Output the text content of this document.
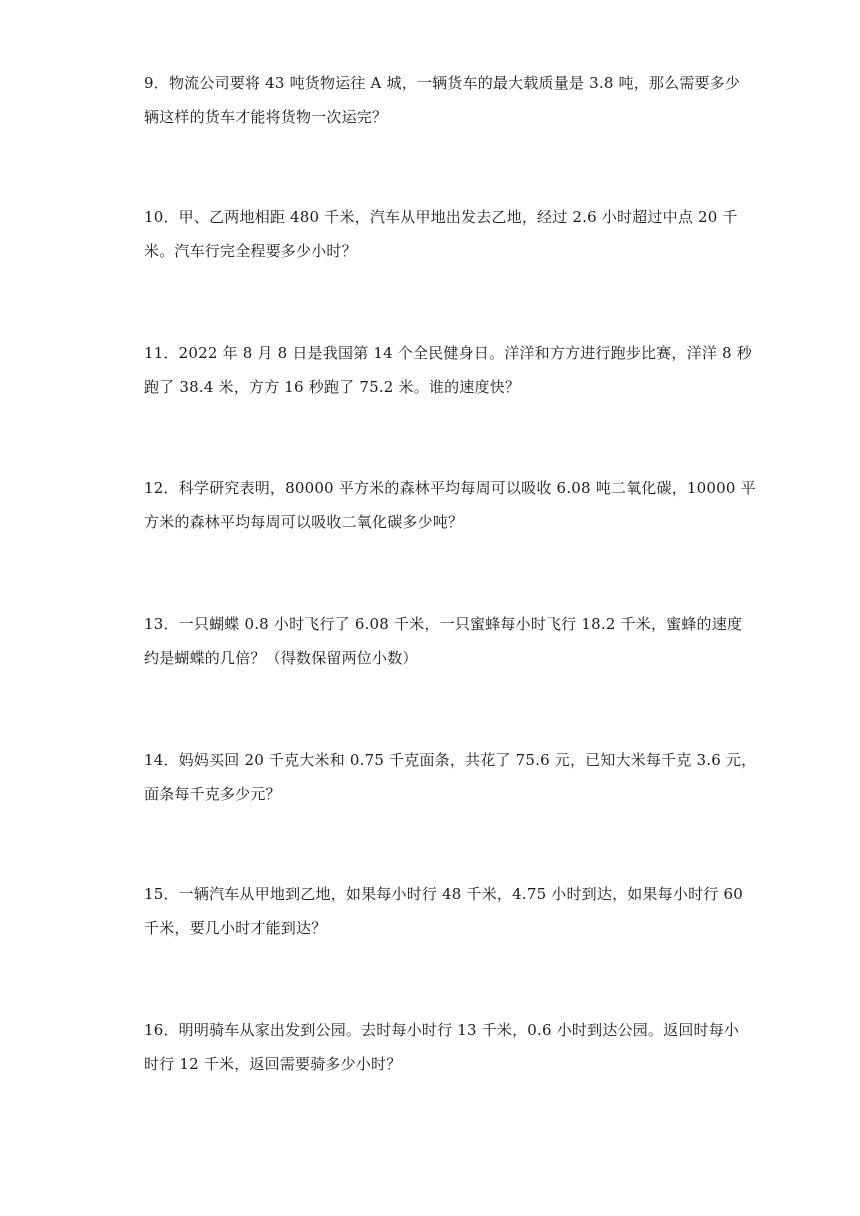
9．物流公司要将 43 吨货物运往 A 城，一辆货车的最大载质量是 3.8 吨，那么需要多少

辆这样的货车才能将货物一次运完？

10．甲、乙两地相距 480 千米，汽车从甲地出发去乙地，经过 2.6 小时超过中点 20 千

米。汽车行完全程要多少小时？

11．2022 年 8 月 8 日是我国第 14 个全民健身日。洋洋和方方进行跑步比赛，洋洋 8 秒

跑了 38.4 米，方方 16 秒跑了 75.2 米。谁的速度快？

12．科学研究表明，80000 平方米的森林平均每周可以吸收 6.08 吨二氧化碳，10000 平

方米的森林平均每周可以吸收二氧化碳多少吨？

13．一只蝴蝶 0.8 小时飞行了 6.08 千米，一只蜜蜂每小时飞行 18.2 千米，蜜蜂的速度

约是蝴蝶的几倍？（得数保留两位小数）

14．妈妈买回 20 千克大米和 0.75 千克面条，共花了 75.6 元，已知大米每千克 3.6 元，

面条每千克多少元？

15．一辆汽车从甲地到乙地，如果每小时行 48 千米，4.75 小时到达，如果每小时行 60

千米，要几小时才能到达？

16．明明骑车从家出发到公园。去时每小时行 13 千米，0.6 小时到达公园。返回时每小

时行 12 千米，返回需要骑多少小时？
